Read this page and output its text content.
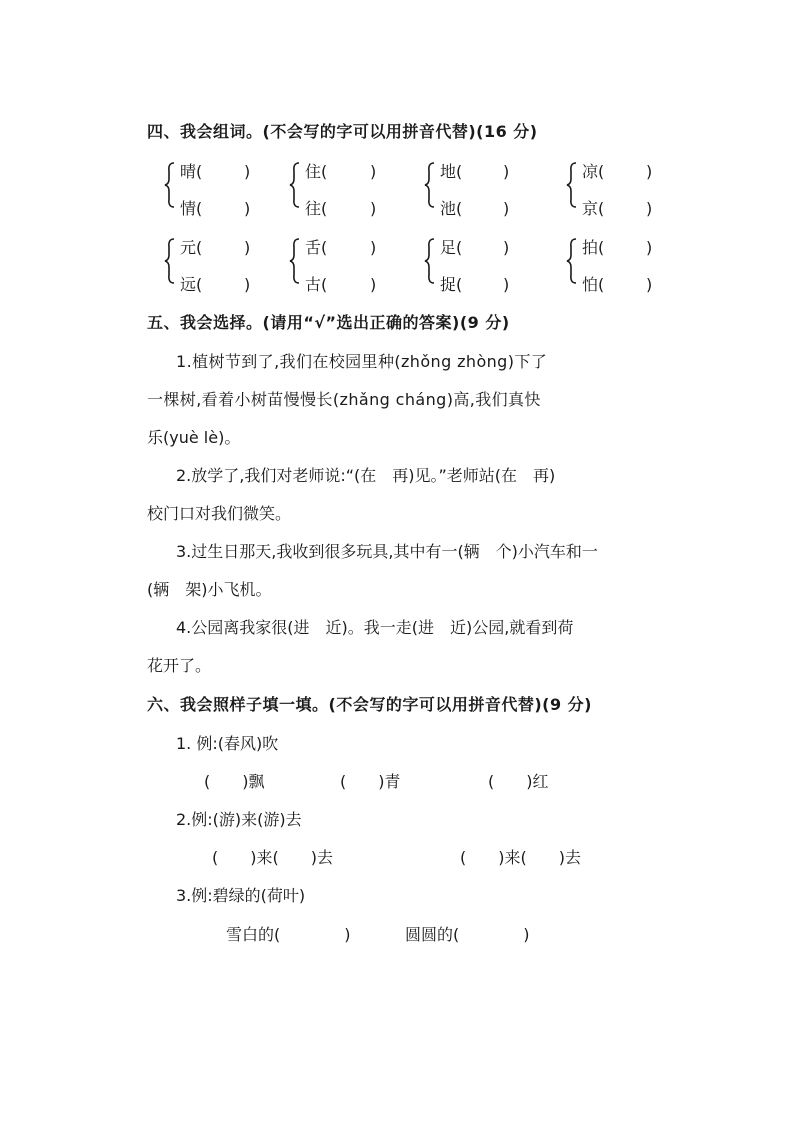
四、我会组词。(不会写的字可以用拼音代替)(16 分)
晴(	)
情(	)
住(	)
往(	)
地(	)
池(	)
凉(	)
京(	)
元(	)
远(	)
舌(	)
古(	)
足(	)
捉(	)
拍(	)
怕(	)
五、我会选择。(请用“√”选出正确的答案)(9 分)
1.植树节到了,我们在校园里种(zhǒng zhòng)下了
一棵树,看着小树苗慢慢长(zhǎng cháng)高,我们真快
乐(yuè lè)。
2.放学了,我们对老师说:“(在　再)见。”老师站(在　再)
校门口对我们微笑。
3.过生日那天,我收到很多玩具,其中有一(辆　个)小汽车和一
(辆　架)小飞机。
4.公园离我家很(进　近)。我一走(进　近)公园,就看到荷
花开了。
六、我会照样子填一填。(不会写的字可以用拼音代替)(9 分)
1. 例:(春风)吹
(　　)飘	(　　)青	(　　)红
2.例:(游)来(游)去
(　　)来(　　)去	(　　)来(　　)去
3.例:碧绿的(荷叶)
雪白的(　　　　)	圆圆的(　　　　)
